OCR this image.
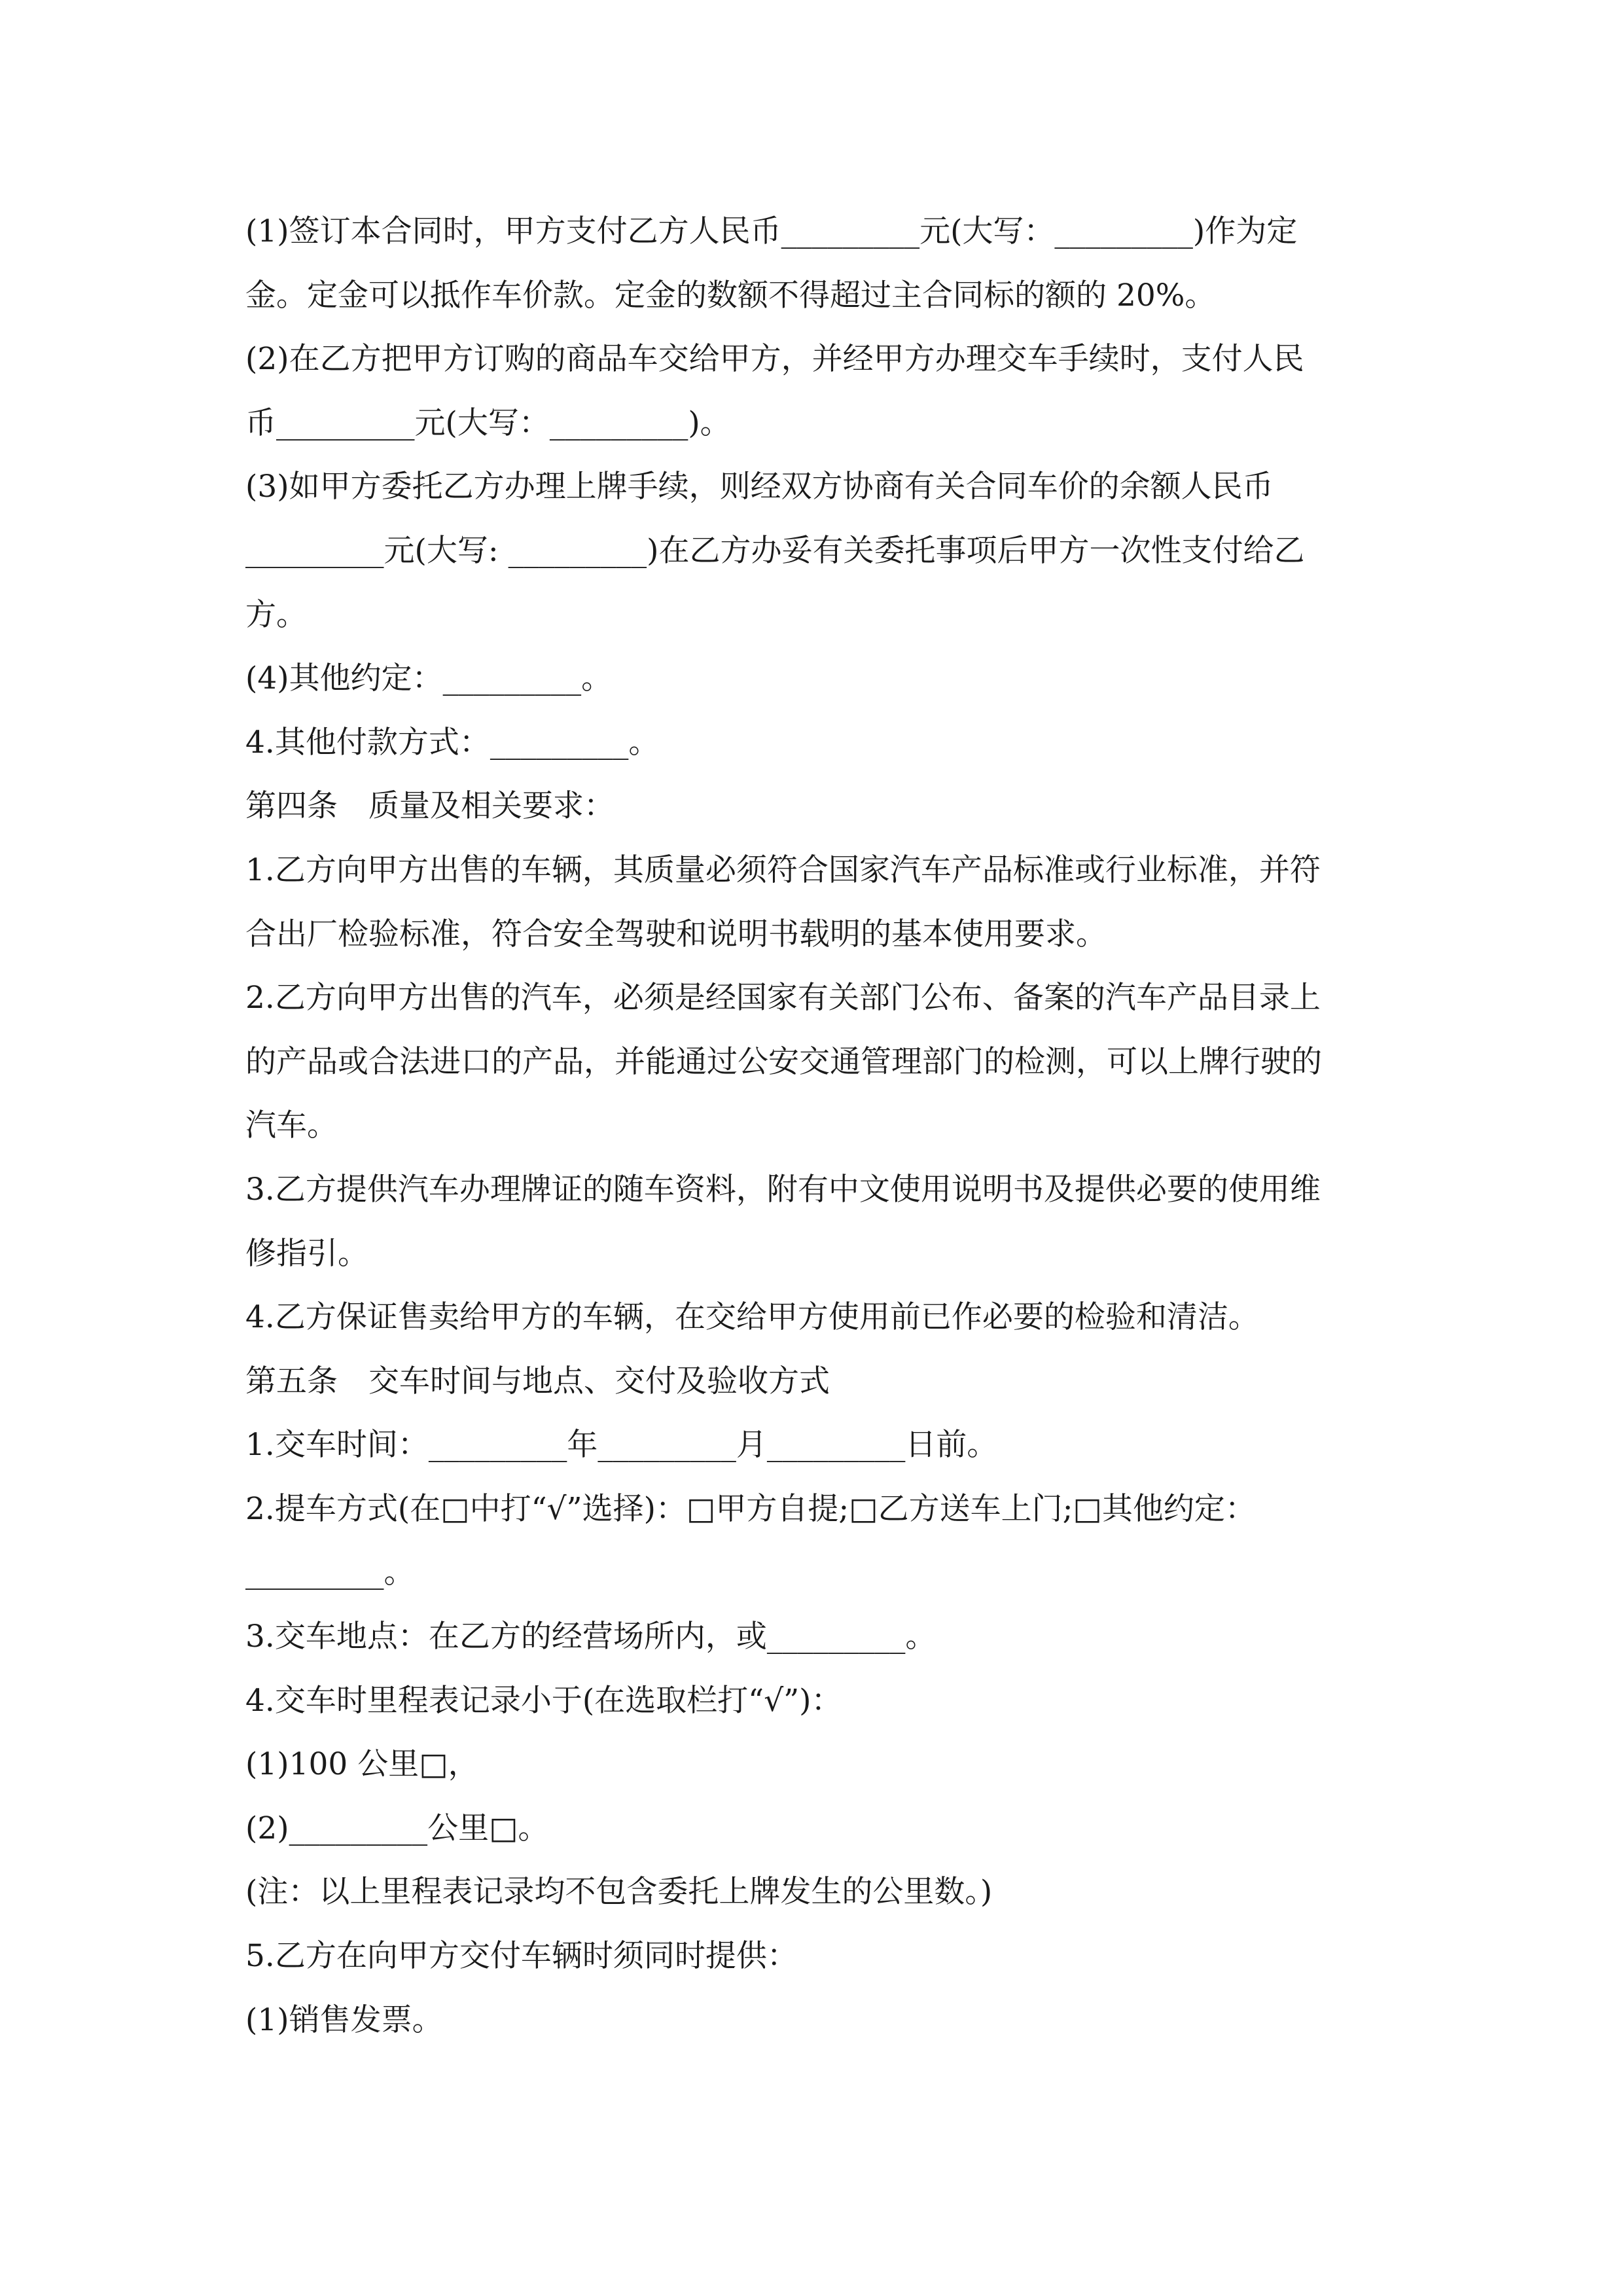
(1)签订本合同时，甲方支付乙方人民币_________元(大写：_________)作为定
金。定金可以抵作车价款。定金的数额不得超过主合同标的额的 20%。
(2)在乙方把甲方订购的商品车交给甲方，并经甲方办理交车手续时，支付人民
币_________元(大写：_________)。
(3)如甲方委托乙方办理上牌手续，则经双方协商有关合同车价的余额人民币
_________元(大写: _________)在乙方办妥有关委托事项后甲方一次性支付给乙
方。
(4)其他约定：_________。
4.其他付款方式：_________。
第四条　质量及相关要求：
1.乙方向甲方出售的车辆，其质量必须符合国家汽车产品标准或行业标准，并符
合出厂检验标准，符合安全驾驶和说明书载明的基本使用要求。
2.乙方向甲方出售的汽车，必须是经国家有关部门公布、备案的汽车产品目录上
的产品或合法进口的产品，并能通过公安交通管理部门的检测，可以上牌行驶的
汽车。
3.乙方提供汽车办理牌证的随车资料，附有中文使用说明书及提供必要的使用维
修指引。
4.乙方保证售卖给甲方的车辆，在交给甲方使用前已作必要的检验和清洁。
第五条　交车时间与地点、交付及验收方式
1.交车时间：_________年_________月_________日前。
2.提车方式(在□中打“√”选择)：□甲方自提;□乙方送车上门;□其他约定：
_________。
3.交车地点：在乙方的经营场所内，或_________。
4.交车时里程表记录小于(在选取栏打“√”)：
(1)100 公里□，
(2)_________公里□。
(注：以上里程表记录均不包含委托上牌发生的公里数。)
5.乙方在向甲方交付车辆时须同时提供：
(1)销售发票。
